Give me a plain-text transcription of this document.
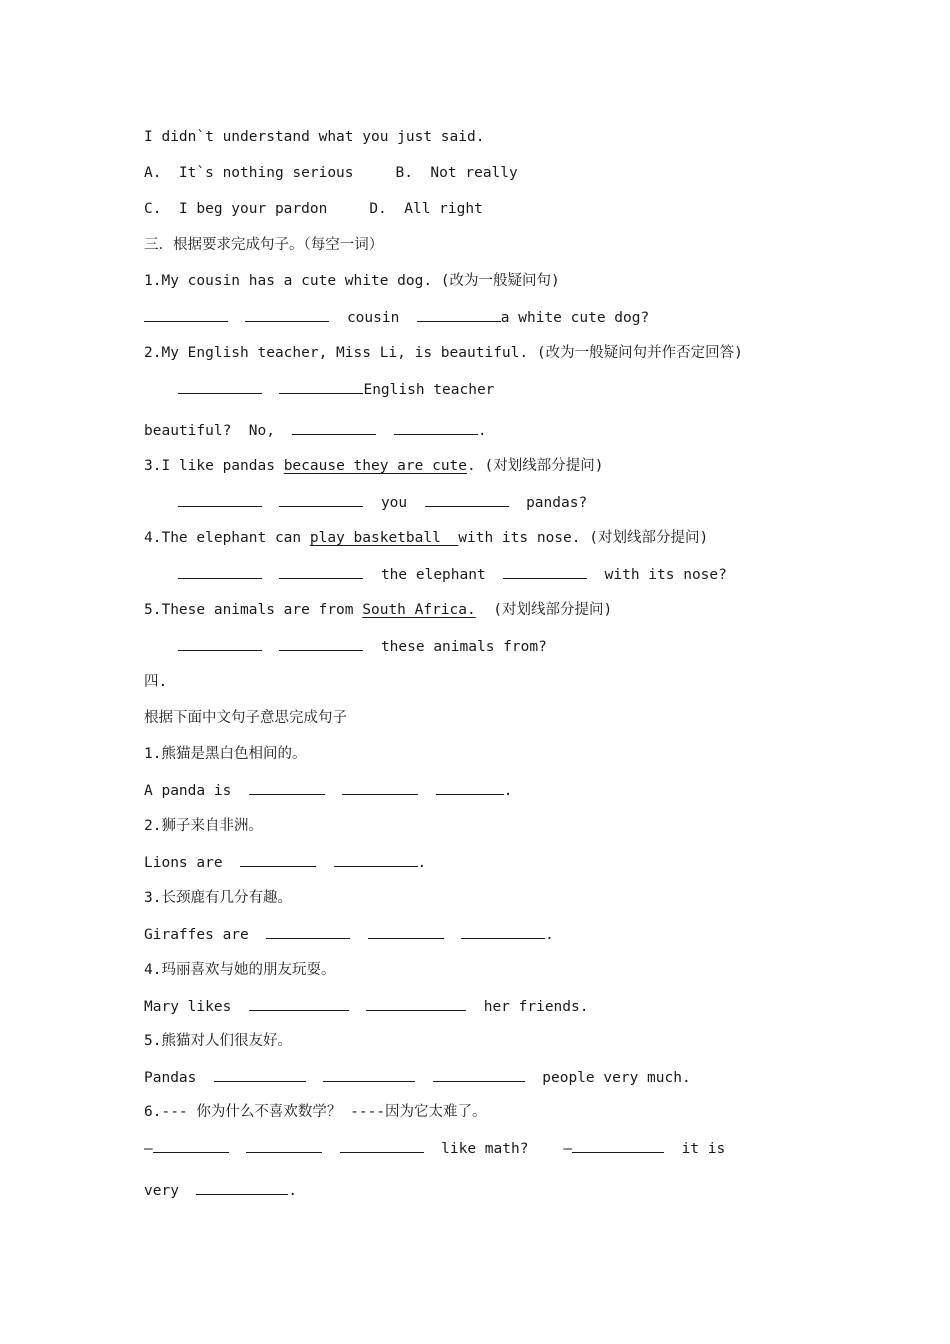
I didn`t understand what you just said.
A.  It`s nothing serious	B.  Not really
C.  I beg your pardon	D.  All right
三．根据要求完成句子。（每空一词）
1.My cousin has a cute white dog. (改为一般疑问句)
cousin	a white cute dog?
2.My English teacher, Miss Li, is beautiful. (改为一般疑问句并作否定回答)
English teacher
beautiful?  No,	.
3.I like pandas because they are cute. (对划线部分提问)
you	pandas?
4.The elephant can play basketball  with its nose. (对划线部分提问)
the elephant	with its nose?
5.These animals are from South Africa.  (对划线部分提问)
these animals from?
四.
根据下面中文句子意思完成句子
1.熊猫是黑白色相间的。
A panda is	.
2.狮子来自非洲。
Lions are	.
3.长颈鹿有几分有趣。
Giraffes are	.
4.玛丽喜欢与她的朋友玩耍。
Mary likes	her friends.
5.熊猫对人们很友好。
Pandas	people very much.
6.--- 你为什么不喜欢数学？ ----因为它太难了。
—	like math? —	it is
very	.
